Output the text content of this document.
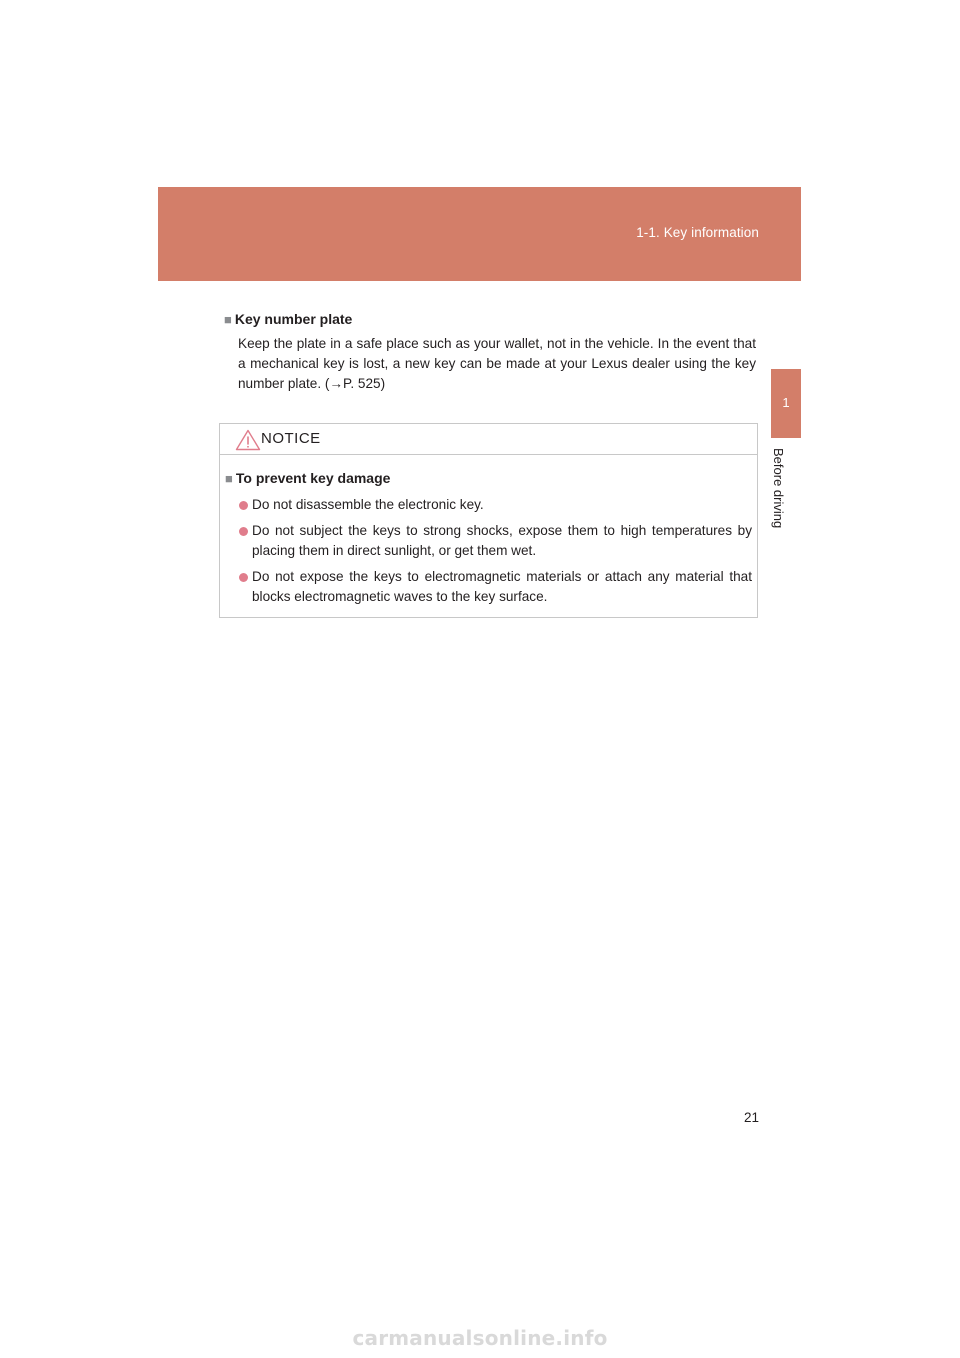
1-1. Key information
1
Before driving

■ Key number plate

Keep the plate in a safe place such as your wallet, not in the vehicle. In the event that a mechanical key is lost, a new key can be made at your Lexus dealer using the key number plate. (→P. 525)
NOTICE

■ To prevent key damage

Do not disassemble the electronic key.
Do not subject the keys to strong shocks, expose them to high temperatures by placing them in direct sunlight, or get them wet.
Do not expose the keys to electromagnetic materials or attach any material that blocks electromagnetic waves to the key surface.
21
carmanualsonline.info
